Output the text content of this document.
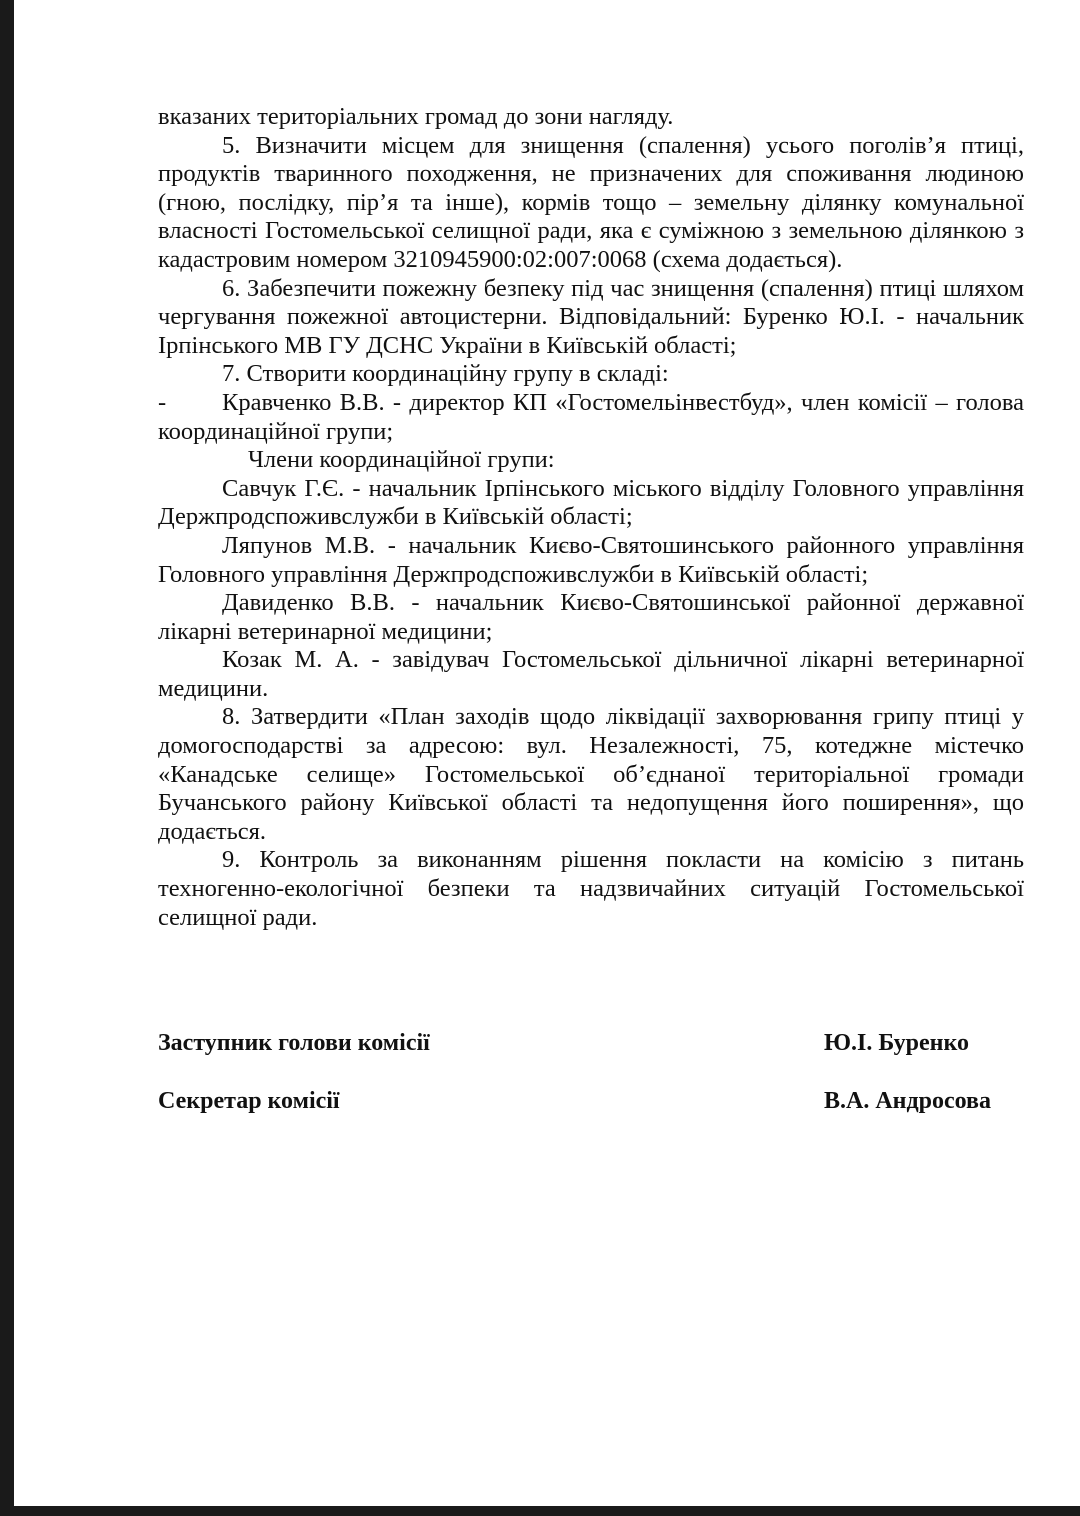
вказаних територіальних громад до зони нагляду.

5. Визначити місцем для знищення (спалення) усього поголів’я птиці, продуктів тваринного походження, не призначених для споживання людиною (гною, послідку, пір’я та інше), кормів тощо – земельну ділянку комунальної власності Гостомельської селищної ради, яка є суміжною з земельною ділянкою з кадастровим номером 3210945900:02:007:0068 (схема додається).

6. Забезпечити пожежну безпеку під час знищення (спалення) птиці шляхом чергування пожежної автоцистерни. Відповідальний: Буренко Ю.І. - начальник Ірпінського МВ ГУ ДСНС України в Київській області;

7. Створити координаційну групу в складі:

- Кравченко В.В. - директор КП «Гостомельінвестбуд», член комісії – голова координаційної групи;

Члени координаційної групи:

Савчук Г.Є. - начальник Ірпінського міського відділу Головного управління Держпродспоживслужби в Київській області;

Ляпунов М.В. - начальник Києво-Святошинського районного управління Головного управління Держпродспоживслужби в Київській області;

Давиденко В.В. - начальник Києво-Святошинської районної державної лікарні ветеринарної медицини;

Козак М. А. - завідувач Гостомельської дільничної лікарні ветеринарної медицини.

8. Затвердити «План заходів щодо ліквідації захворювання грипу птиці у домогосподарстві за адресою: вул. Незалежності, 75, котеджне містечко «Канадське селище» Гостомельської об’єднаної територіальної громади Бучанського району Київської області та недопущення його поширення», що додається.

9. Контроль за виконанням рішення покласти на комісію з питань техногенно-екологічної безпеки та надзвичайних ситуацій Гостомельської селищної ради.

Заступник голови комісії	Ю.І. Буренко
Секретар комісії	В.А. Андросова
